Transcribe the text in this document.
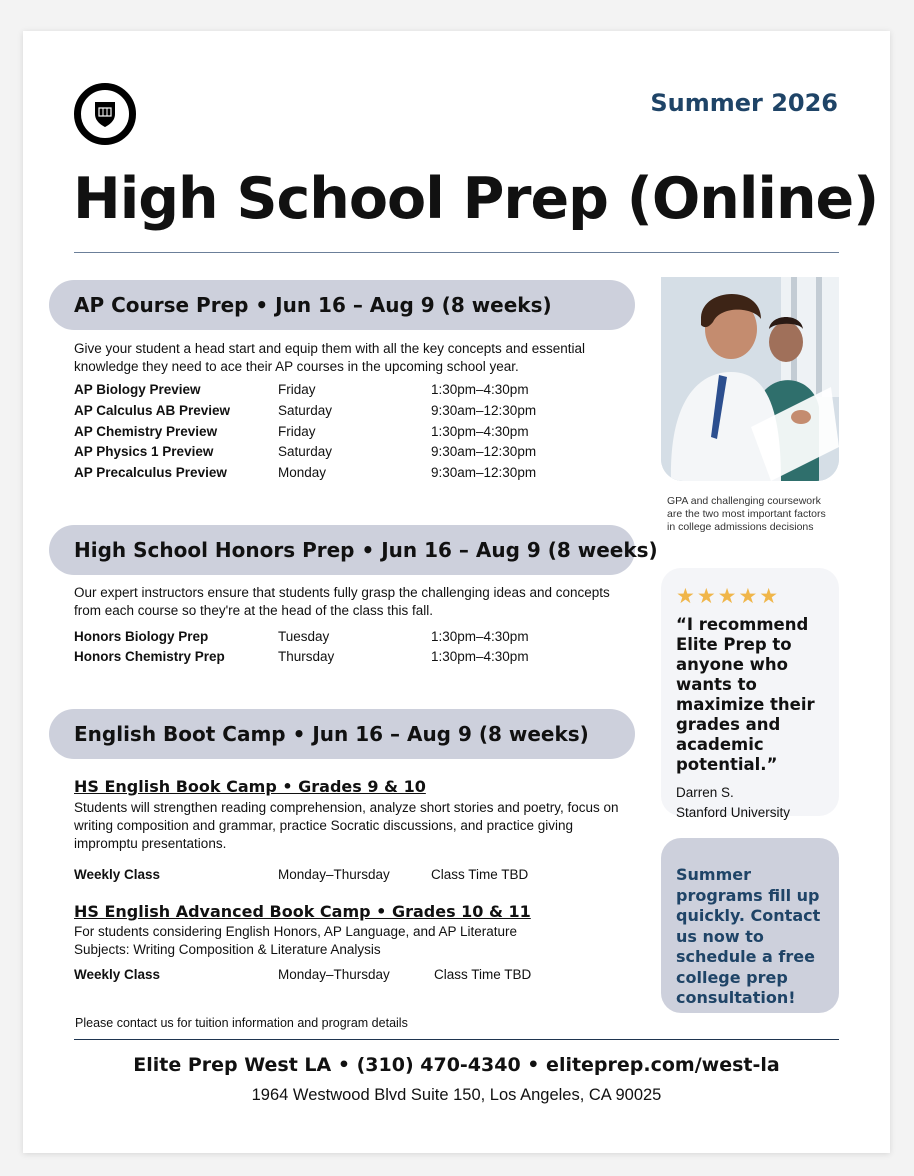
Summer 2026
High School Prep (Online)
AP Course Prep • Jun 16 – Aug 9 (8 weeks)
Give your student a head start and equip them with all the key concepts and essential knowledge they need to ace their AP courses in the upcoming school year.
AP Biology Preview	Friday	1:30pm–4:30pm
AP Calculus AB Preview	Saturday	9:30am–12:30pm
AP Chemistry Preview	Friday	1:30pm–4:30pm
AP Physics 1 Preview	Saturday	9:30am–12:30pm
AP Precalculus Preview	Monday	9:30am–12:30pm
High School Honors Prep • Jun 16 – Aug 9 (8 weeks)
Our expert instructors ensure that students fully grasp the challenging ideas and concepts from each course so they're at the head of the class this fall.
Honors Biology Prep	Tuesday	1:30pm–4:30pm
Honors Chemistry Prep	Thursday	1:30pm–4:30pm
English Boot Camp • Jun 16 – Aug 9 (8 weeks)
HS English Book Camp • Grades 9 & 10
Students will strengthen reading comprehension, analyze short stories and poetry, focus on writing composition and grammar, practice Socratic discussions, and practice giving impromptu presentations.
Weekly Class	Monday–Thursday	Class Time TBD
HS English Advanced Book Camp • Grades 10 & 11
For students considering English Honors, AP Language, and AP Literature
Subjects: Writing Composition & Literature Analysis
Weekly Class	Monday–Thursday	Class Time TBD
GPA and challenging coursework are the two most important factors in college admissions decisions
★★★★★
“I recommend Elite Prep to anyone who wants to maximize their grades and academic potential.”
Darren S.
Stanford University
Summer programs fill up quickly. Contact us now to schedule a free college prep consultation!
Please contact us for tuition information and program details
Elite Prep West LA • (310) 470-4340 • eliteprep.com/west-la
1964 Westwood Blvd Suite 150, Los Angeles, CA 90025
